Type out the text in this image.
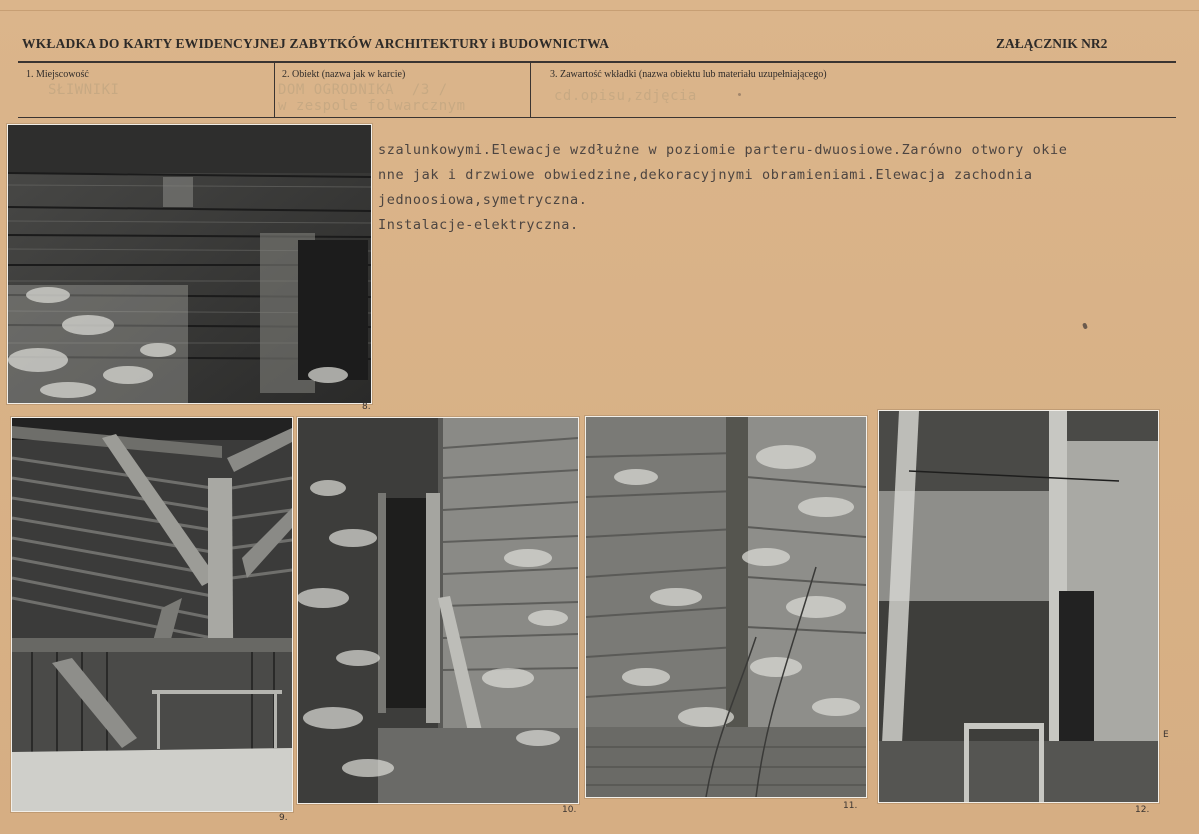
WKŁADKA DO KARTY EWIDENCYJNEJ ZABYTKÓW ARCHITEKTURY i BUDOWNICTWA	ZAŁĄCZNIK NR2
1. Miejscowość
SŁIWNIKI
2. Obiekt (nazwa jak w karcie)
DOM OGRODNIKA  /3 /
w zespole folwarcznym
3. Zawartość wkładki (nazwa obiektu lub materiału uzupełniającego)
cd.opisu,zdjęcia
szalunkowymi.Elewacje wzdłużne w poziomie parteru-dwuosiowe.Zarówno otwory okie
nne jak i drzwiowe obwiedzine,dekoracyjnymi obramieniami.Elewacja zachodnia
jednoosiowa,symetryczna.
Instalacje-elektryczna.
8.
9.
10.	11.	12.
E
